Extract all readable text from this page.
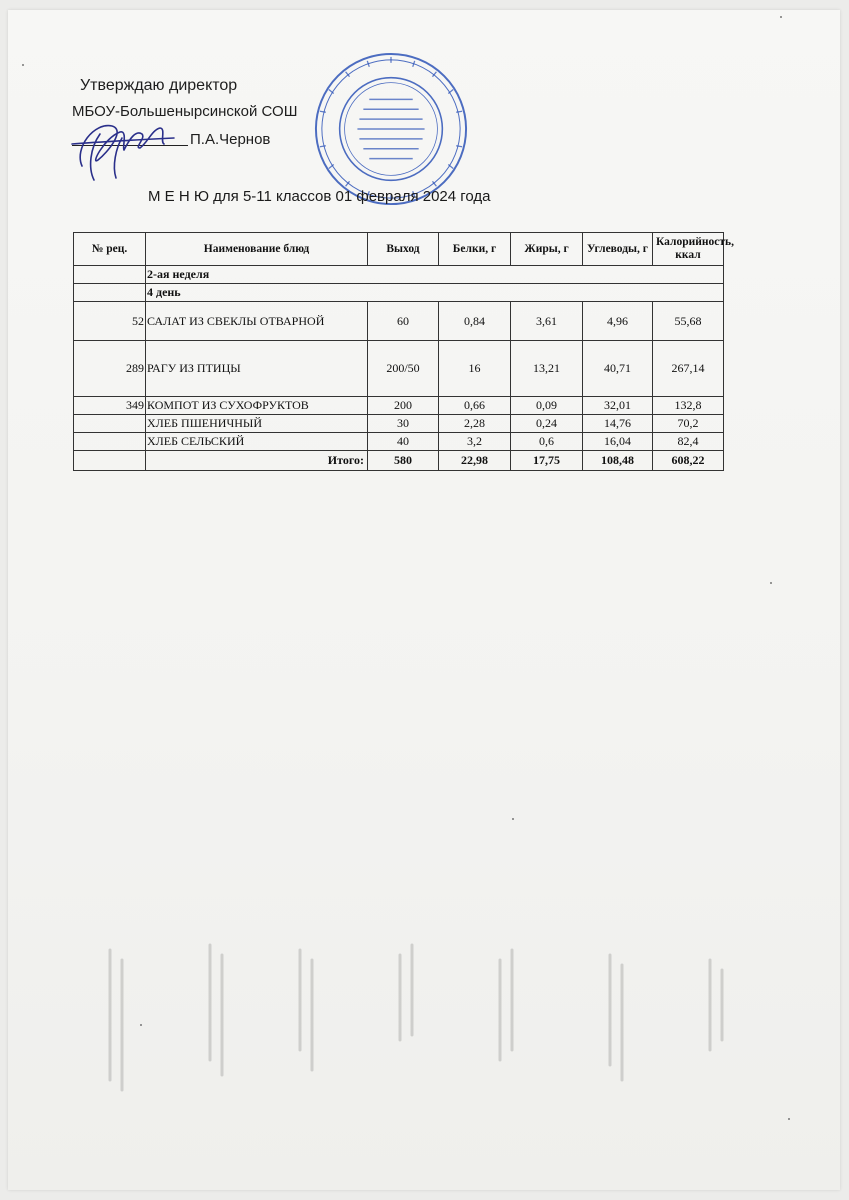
Утверждаю директор
МБОУ-Большенырсинской СОШ
П.А.Чернов
М Е Н Ю для 5-11 классов 01 февраля 2024 года
№ рец.	Наименование блюд	Выход	Белки, г	Жиры, г	Углеводы, г	Калорийность, ккал
	2-ая неделя					
	4 день					
52	САЛАТ ИЗ СВЕКЛЫ ОТВАРНОЙ	60	0,84	3,61	4,96	55,68
289	РАГУ ИЗ ПТИЦЫ	200/50	16	13,21	40,71	267,14
349	КОМПОТ ИЗ СУХОФРУКТОВ	200	0,66	0,09	32,01	132,8
	ХЛЕБ ПШЕНИЧНЫЙ	30	2,28	0,24	14,76	70,2
	ХЛЕБ СЕЛЬСКИЙ	40	3,2	0,6	16,04	82,4
	Итого:	580	22,98	17,75	108,48	608,22
